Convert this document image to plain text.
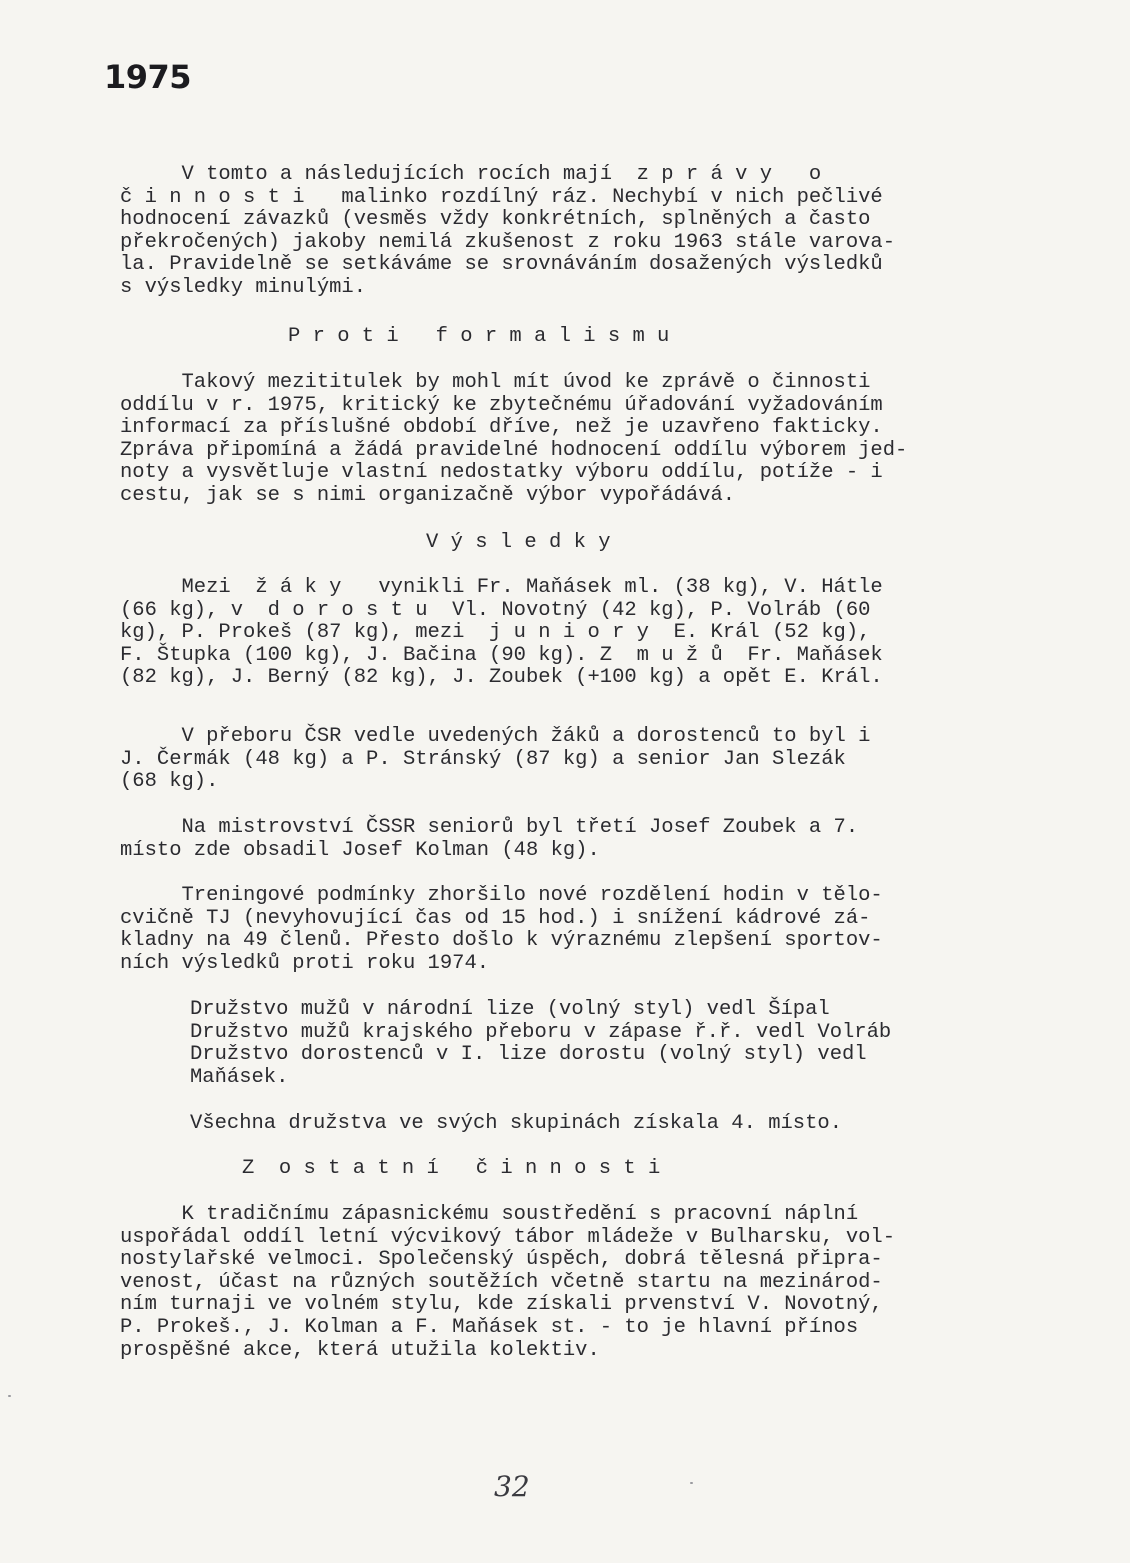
1975
V tomto a následujících rocích mají  z p r á v y   o
č i n n o s t i   malinko rozdílný ráz. Nechybí v nich pečlivé
hodnocení závazků (vesměs vždy konkrétních, splněných a často
překročených) jakoby nemilá zkušenost z roku 1963 stále varova-
la. Pravidelně se setkáváme se srovnáváním dosažených výsledků
s výsledky minulými.
P r o t i   f o r m a l i s m u
Takový mezititulek by mohl mít úvod ke zprávě o činnosti
oddílu v r. 1975, kritický ke zbytečnému úřadování vyžadováním
informací za příslušné období dříve, než je uzavřeno fakticky.
Zpráva připomíná a žádá pravidelné hodnocení oddílu výborem jed-
noty a vysvětluje vlastní nedostatky výboru oddílu, potíže - i
cestu, jak se s nimi organizačně výbor vypořádává.
V ý s l e d k y
Mezi  ž á k y   vynikli Fr. Maňásek ml. (38 kg), V. Hátle
(66 kg), v  d o r o s t u  Vl. Novotný (42 kg), P. Volráb (60
kg), P. Prokeš (87 kg), mezi  j u n i o r y  E. Král (52 kg),
F. Štupka (100 kg), J. Bačina (90 kg). Z  m u ž ů  Fr. Maňásek
(82 kg), J. Berný (82 kg), J. Zoubek (+100 kg) a opět E. Král.
V přeboru ČSR vedle uvedených žáků a dorostenců to byl i
J. Čermák (48 kg) a P. Stránský (87 kg) a senior Jan Slezák
(68 kg).
Na mistrovství ČSSR seniorů byl třetí Josef Zoubek a 7.
místo zde obsadil Josef Kolman (48 kg).
Treningové podmínky zhoršilo nové rozdělení hodin v tělo-
cvičně TJ (nevyhovující čas od 15 hod.) i snížení kádrové zá-
kladny na 49 členů. Přesto došlo k výraznému zlepšení sportov-
ních výsledků proti roku 1974.
Družstvo mužů v národní lize (volný styl) vedl Šípal
Družstvo mužů krajského přeboru v zápase ř.ř. vedl Volráb
Družstvo dorostenců v I. lize dorostu (volný styl) vedl
Maňásek.
Všechna družstva ve svých skupinách získala 4. místo.
Z  o s t a t n í   č i n n o s t i
K tradičnímu zápasnickému soustředění s pracovní náplní
uspořádal oddíl letní výcvikový tábor mládeže v Bulharsku, vol-
nostylařské velmoci. Společenský úspěch, dobrá tělesná připra-
venost, účast na různých soutěžích včetně startu na mezinárod-
ním turnaji ve volném stylu, kde získali prvenství V. Novotný,
P. Prokeš., J. Kolman a F. Maňásek st. - to je hlavní přínos
prospěšné akce, která utužila kolektiv.
32
